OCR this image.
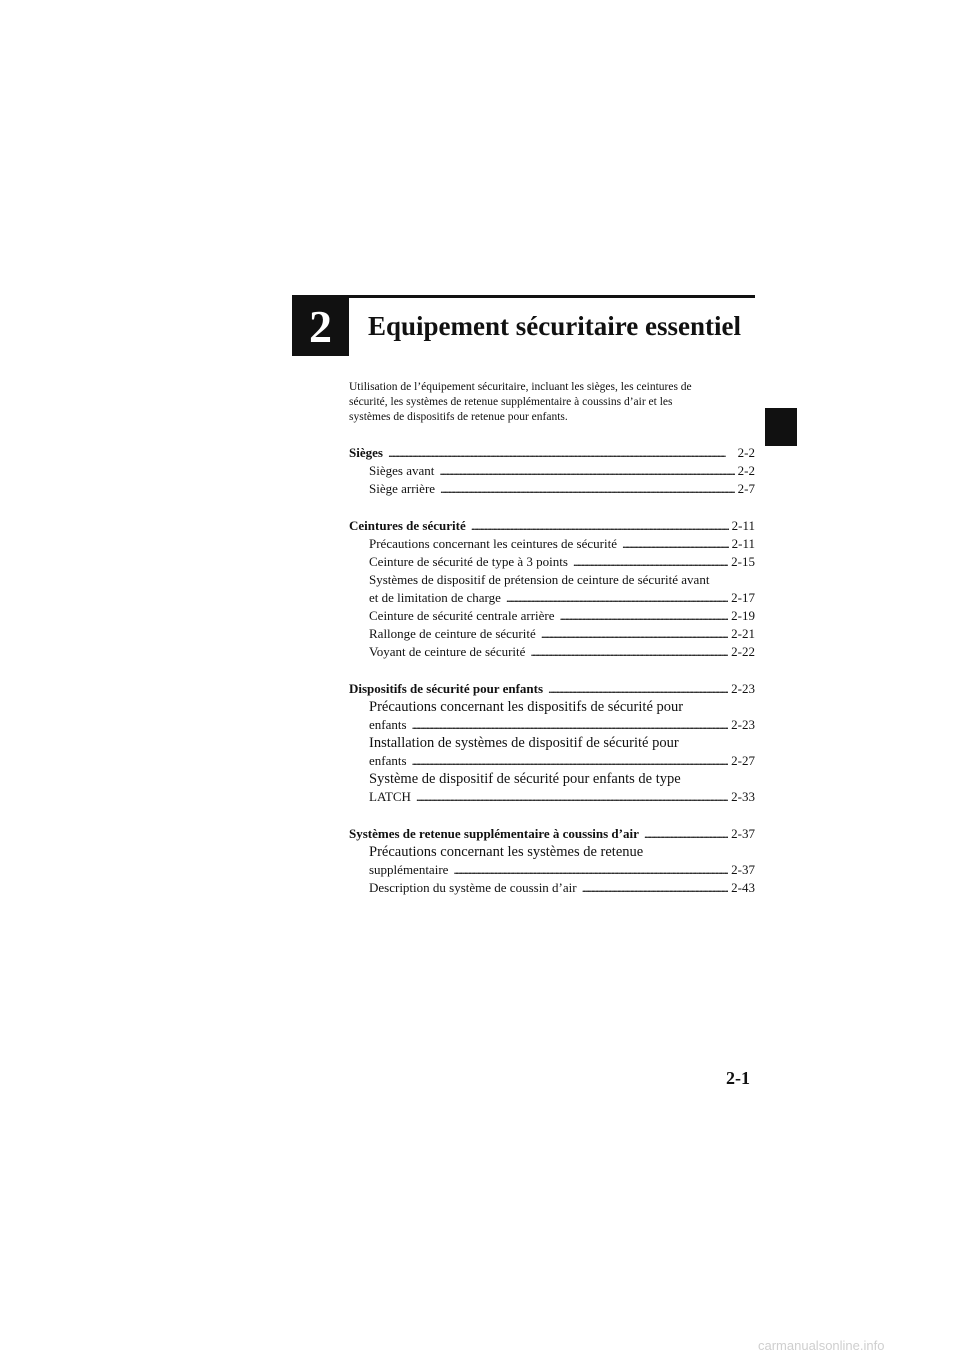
2	Equipement sécuritaire essentiel
Utilisation de l’équipement sécuritaire, incluant les sièges, les ceintures de
sécurité, les systèmes de retenue supplémentaire à coussins d’air et les
systèmes de dispositifs de retenue pour enfants.
Sièges . . .	2-2
Sièges avant . . .	2-2
Siège arrière . . .	2-7
Ceintures de sécurité . . .	2-11
Précautions concernant les ceintures de sécurité . . .	2-11
Ceinture de sécurité de type à 3 points . . .	2-15
Systèmes de dispositif de prétension de ceinture de sécurité avant
et de limitation de charge . . .	2-17
Ceinture de sécurité centrale arrière . . .	2-19
Rallonge de ceinture de sécurité . . .	2-21
Voyant de ceinture de sécurité . . .	2-22
Dispositifs de sécurité pour enfants . . .	2-23
Précautions concernant les dispositifs de sécurité pour
enfants . . .	2-23
Installation de systèmes de dispositif de sécurité pour
enfants . . .	2-27
Système de dispositif de sécurité pour enfants de type
LATCH . . .	2-33
Systèmes de retenue supplémentaire à coussins d’air . . .	2-37
Précautions concernant les systèmes de retenue
supplémentaire . . .	2-37
Description du système de coussin d’air . . .	2-43
2-1
carmanualsonline.info
